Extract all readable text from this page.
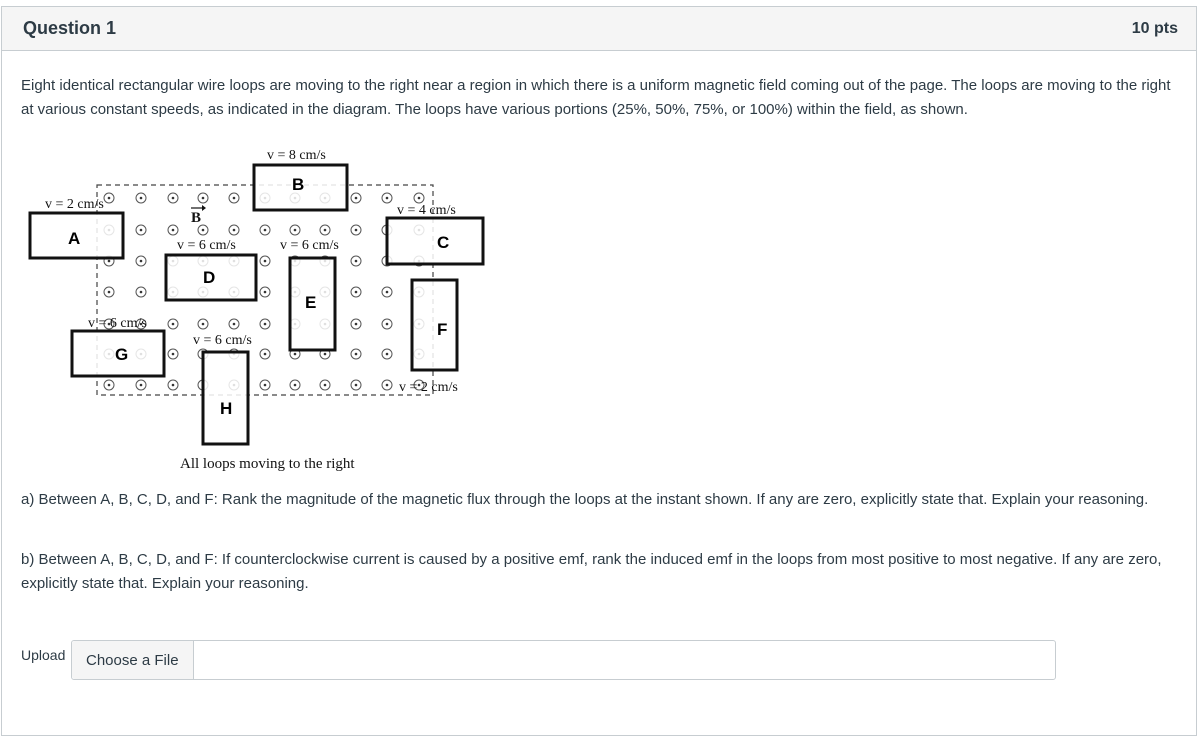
Question 1	10 pts
Eight identical rectangular wire loops are moving to the right near a region in which there is a uniform magnetic field coming out of the page. The loops are moving to the right at various constant speeds, as indicated in the diagram. The loops have various portions (25%, 50%, 75%, or 100%) within the field, as shown.
A
B
C
D
E
F
G
H
v = 2 cm/s
v = 8 cm/s
v = 4 cm/s
v = 6 cm/s	v = 6 cm/s
v = 2 cm/s
v = 6 cm/s
v = 6 cm/s
B
All loops moving to the right
a) Between A, B, C, D, and F: Rank the magnitude of the magnetic flux through the loops at the instant shown. If any are zero, explicitly state that. Explain your reasoning.
b) Between A, B, C, D, and F: If counterclockwise current is caused by a positive emf, rank the induced emf in the loops from most positive to most negative. If any are zero, explicitly state that. Explain your reasoning.
Upload	Choose a File
